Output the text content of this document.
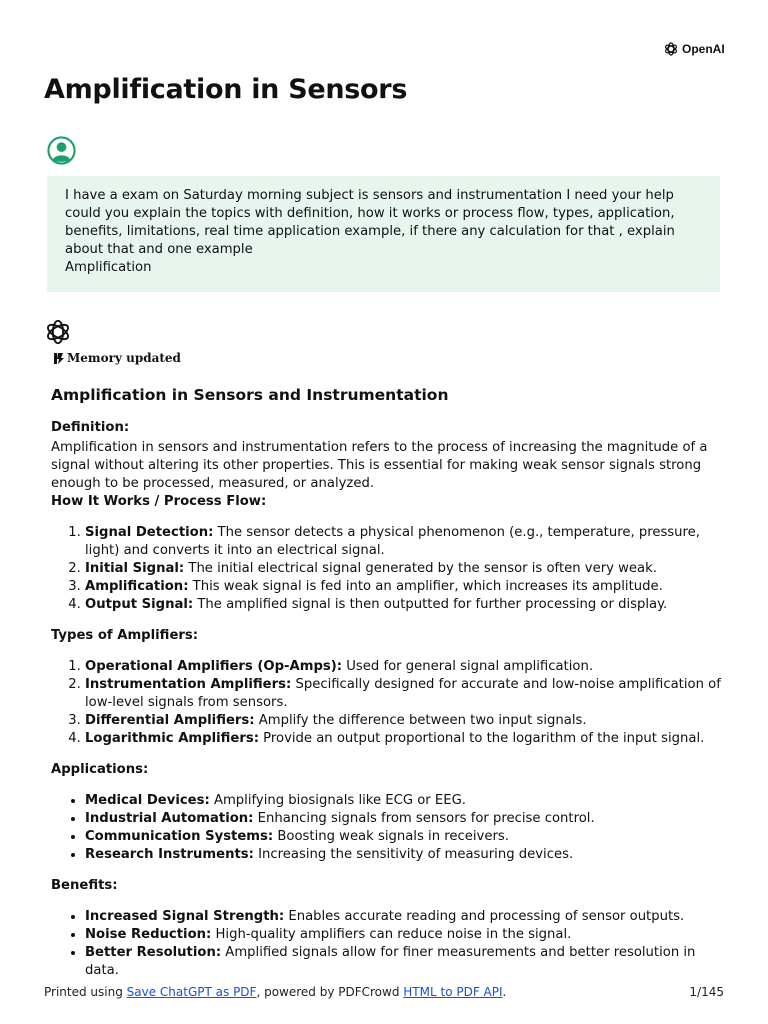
OpenAI
Amplification in Sensors

I have a exam on Saturday morning subject is sensors and instrumentation I need your help could you explain the topics with definition, how it works or process flow, types, application, benefits, limitations, real time application example, if there any calculation for that , explain about that and one example

Amplification

Memory updated
Amplification in Sensors and Instrumentation

Definition:

Amplification in sensors and instrumentation refers to the process of increasing the magnitude of a signal without altering its other properties. This is essential for making weak sensor signals strong enough to be processed, measured, or analyzed.

How It Works / Process Flow:

1. Signal Detection: The sensor detects a physical phenomenon (e.g., temperature, pressure, light) and converts it into an electrical signal.
2. Initial Signal: The initial electrical signal generated by the sensor is often very weak.
3. Amplification: This weak signal is fed into an amplifier, which increases its amplitude.
4. Output Signal: The amplified signal is then outputted for further processing or display.

Types of Amplifiers:

1. Operational Amplifiers (Op-Amps): Used for general signal amplification.
2. Instrumentation Amplifiers: Specifically designed for accurate and low-noise amplification of low-level signals from sensors.
3. Differential Amplifiers: Amplify the difference between two input signals.
4. Logarithmic Amplifiers: Provide an output proportional to the logarithm of the input signal.

Applications:

• Medical Devices: Amplifying biosignals like ECG or EEG.
• Industrial Automation: Enhancing signals from sensors for precise control.
• Communication Systems: Boosting weak signals in receivers.
• Research Instruments: Increasing the sensitivity of measuring devices.

Benefits:

• Increased Signal Strength: Enables accurate reading and processing of sensor outputs.
• Noise Reduction: High-quality amplifiers can reduce noise in the signal.
• Better Resolution: Amplified signals allow for finer measurements and better resolution in data.
Printed using Save ChatGPT as PDF, powered by PDFCrowd HTML to PDF API.	1/145
